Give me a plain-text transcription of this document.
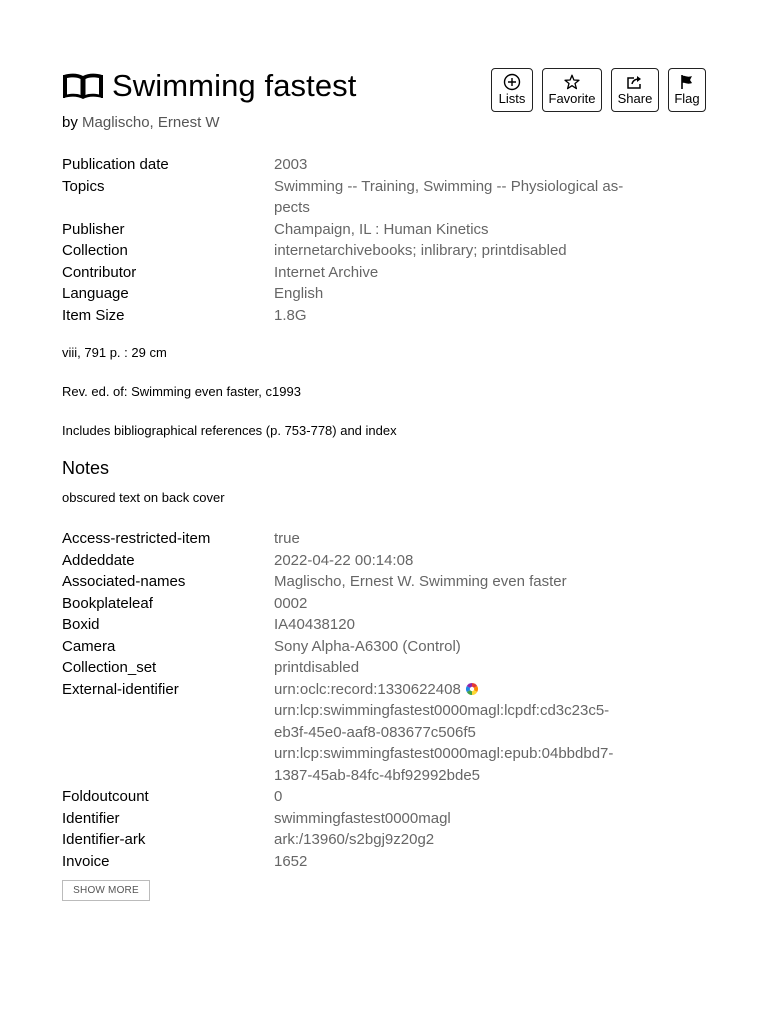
Swimming fastest	Lists Favorite Share Flag
by Maglischo, Ernest W
Publication date	2003
Topics	Swimming -- Training, Swimming -- Physiological as-
pects
Publisher	Champaign, IL : Human Kinetics
Collection	internetarchivebooks; inlibrary; printdisabled
Contributor	Internet Archive
Language	English
Item Size	1.8G
viii, 791 p. : 29 cm
Rev. ed. of: Swimming even faster, c1993
Includes bibliographical references (p. 753-778) and index
Notes
obscured text on back cover
Access-restricted-item	true
Addeddate	2022-04-22 00:14:08
Associated-names	Maglischo, Ernest W. Swimming even faster
Bookplateleaf	0002
Boxid	IA40438120
Camera	Sony Alpha-A6300 (Control)
Collection_set	printdisabled
External-identifier	urn:oclc:record:1330622408
urn:lcp:swimmingfastest0000magl:lcpdf:cd3c23c5-
eb3f-45e0-aaf8-083677c506f5
urn:lcp:swimmingfastest0000magl:epub:04bbdbd7-
1387-45ab-84fc-4bf92992bde5
Foldoutcount	0
Identifier	swimmingfastest0000magl
Identifier-ark	ark:/13960/s2bgj9z20g2
Invoice	1652
SHOW MORE
